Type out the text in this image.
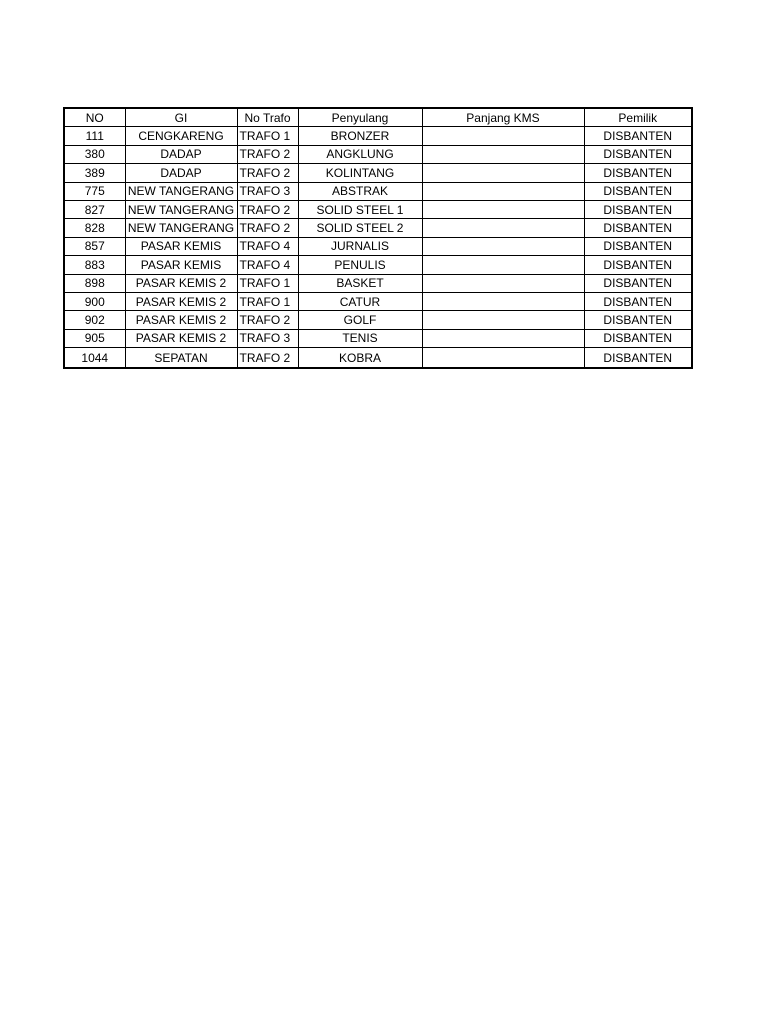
NO	GI	No Trafo	Penyulang	Panjang KMS	Pemilik
111	CENGKARENG	TRAFO 1	BRONZER		DISBANTEN
380	DADAP	TRAFO 2	ANGKLUNG		DISBANTEN
389	DADAP	TRAFO 2	KOLINTANG		DISBANTEN
775	NEW TANGERANG	TRAFO 3	ABSTRAK		DISBANTEN
827	NEW TANGERANG	TRAFO 2	SOLID STEEL 1		DISBANTEN
828	NEW TANGERANG	TRAFO 2	SOLID STEEL 2		DISBANTEN
857	PASAR KEMIS	TRAFO 4	JURNALIS		DISBANTEN
883	PASAR KEMIS	TRAFO 4	PENULIS		DISBANTEN
898	PASAR KEMIS 2	TRAFO 1	BASKET		DISBANTEN
900	PASAR KEMIS 2	TRAFO 1	CATUR		DISBANTEN
902	PASAR KEMIS 2	TRAFO 2	GOLF		DISBANTEN
905	PASAR KEMIS 2	TRAFO 3	TENIS		DISBANTEN
1044	SEPATAN	TRAFO 2	KOBRA		DISBANTEN
